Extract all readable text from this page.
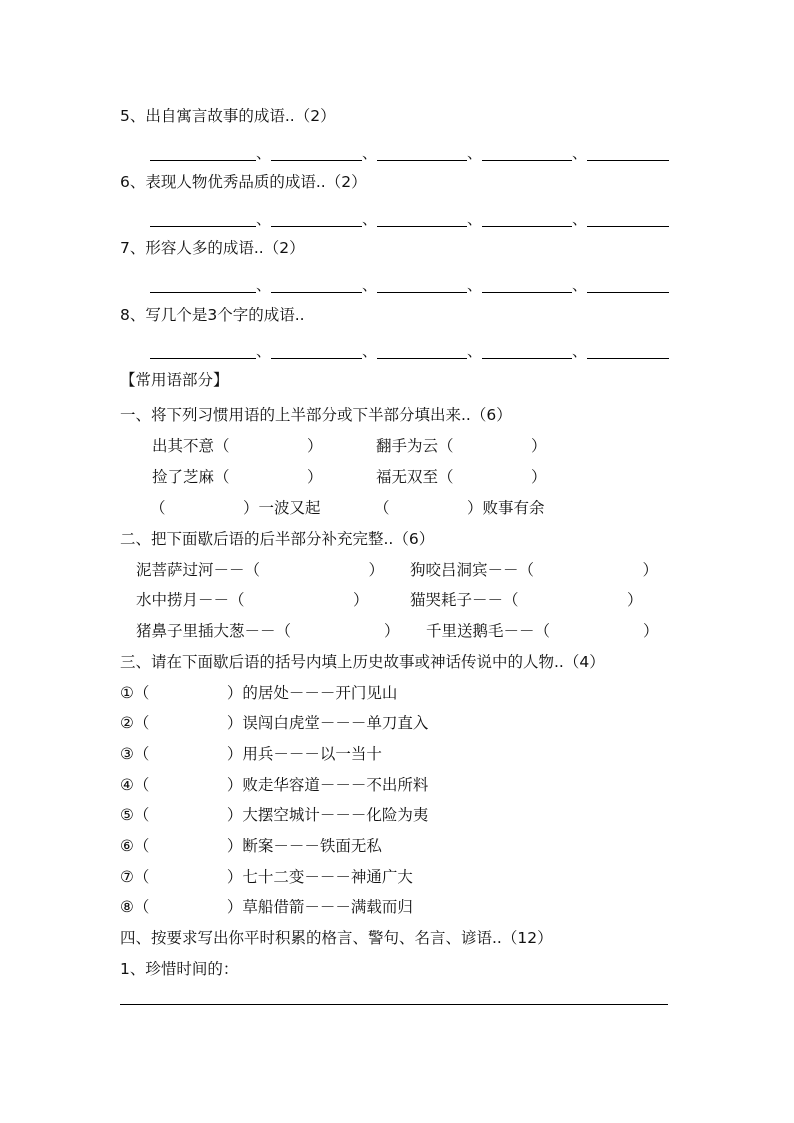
5、出自寓言故事的成语..（2）
、	、	、	、
6、表现人物优秀品质的成语..（2）
、	、	、	、
7、形容人多的成语..（2）
、	、	、	、
8、写几个是3个字的成语..
、	、	、	、
【常用语部分】
一、将下列习惯用语的上半部分或下半部分填出来..（6）
出其不意（　　　　　）	翻手为云（　　　　　）
捡了芝麻（　　　　　）	福无双至（　　　　　）
（　　　　　）一波又起	（　　　　　）败事有余
二、把下面歇后语的后半部分补充完整..（6）
泥菩萨过河－－（　　　　　　　） 狗咬吕洞宾－－（　　　　　　　）
水中捞月－－（　　　　　　　）	猫哭耗子－－（　　　　　　　）
猪鼻子里插大葱－－（　　　　　　） 千里送鹅毛－－（　　　　　　）
三、请在下面歇后语的括号内填上历史故事或神话传说中的人物..（4）
①（　　　　　）的居处－－－开门见山
②（　　　　　）误闯白虎堂－－－单刀直入
③（　　　　　）用兵－－－以一当十
④（　　　　　）败走华容道－－－不出所料
⑤（　　　　　）大摆空城计－－－化险为夷
⑥（　　　　　）断案－－－铁面无私
⑦（　　　　　）七十二变－－－神通广大
⑧（　　　　　）草船借箭－－－满载而归
四、按要求写出你平时积累的格言、警句、名言、谚语..（12）
1、珍惜时间的：
